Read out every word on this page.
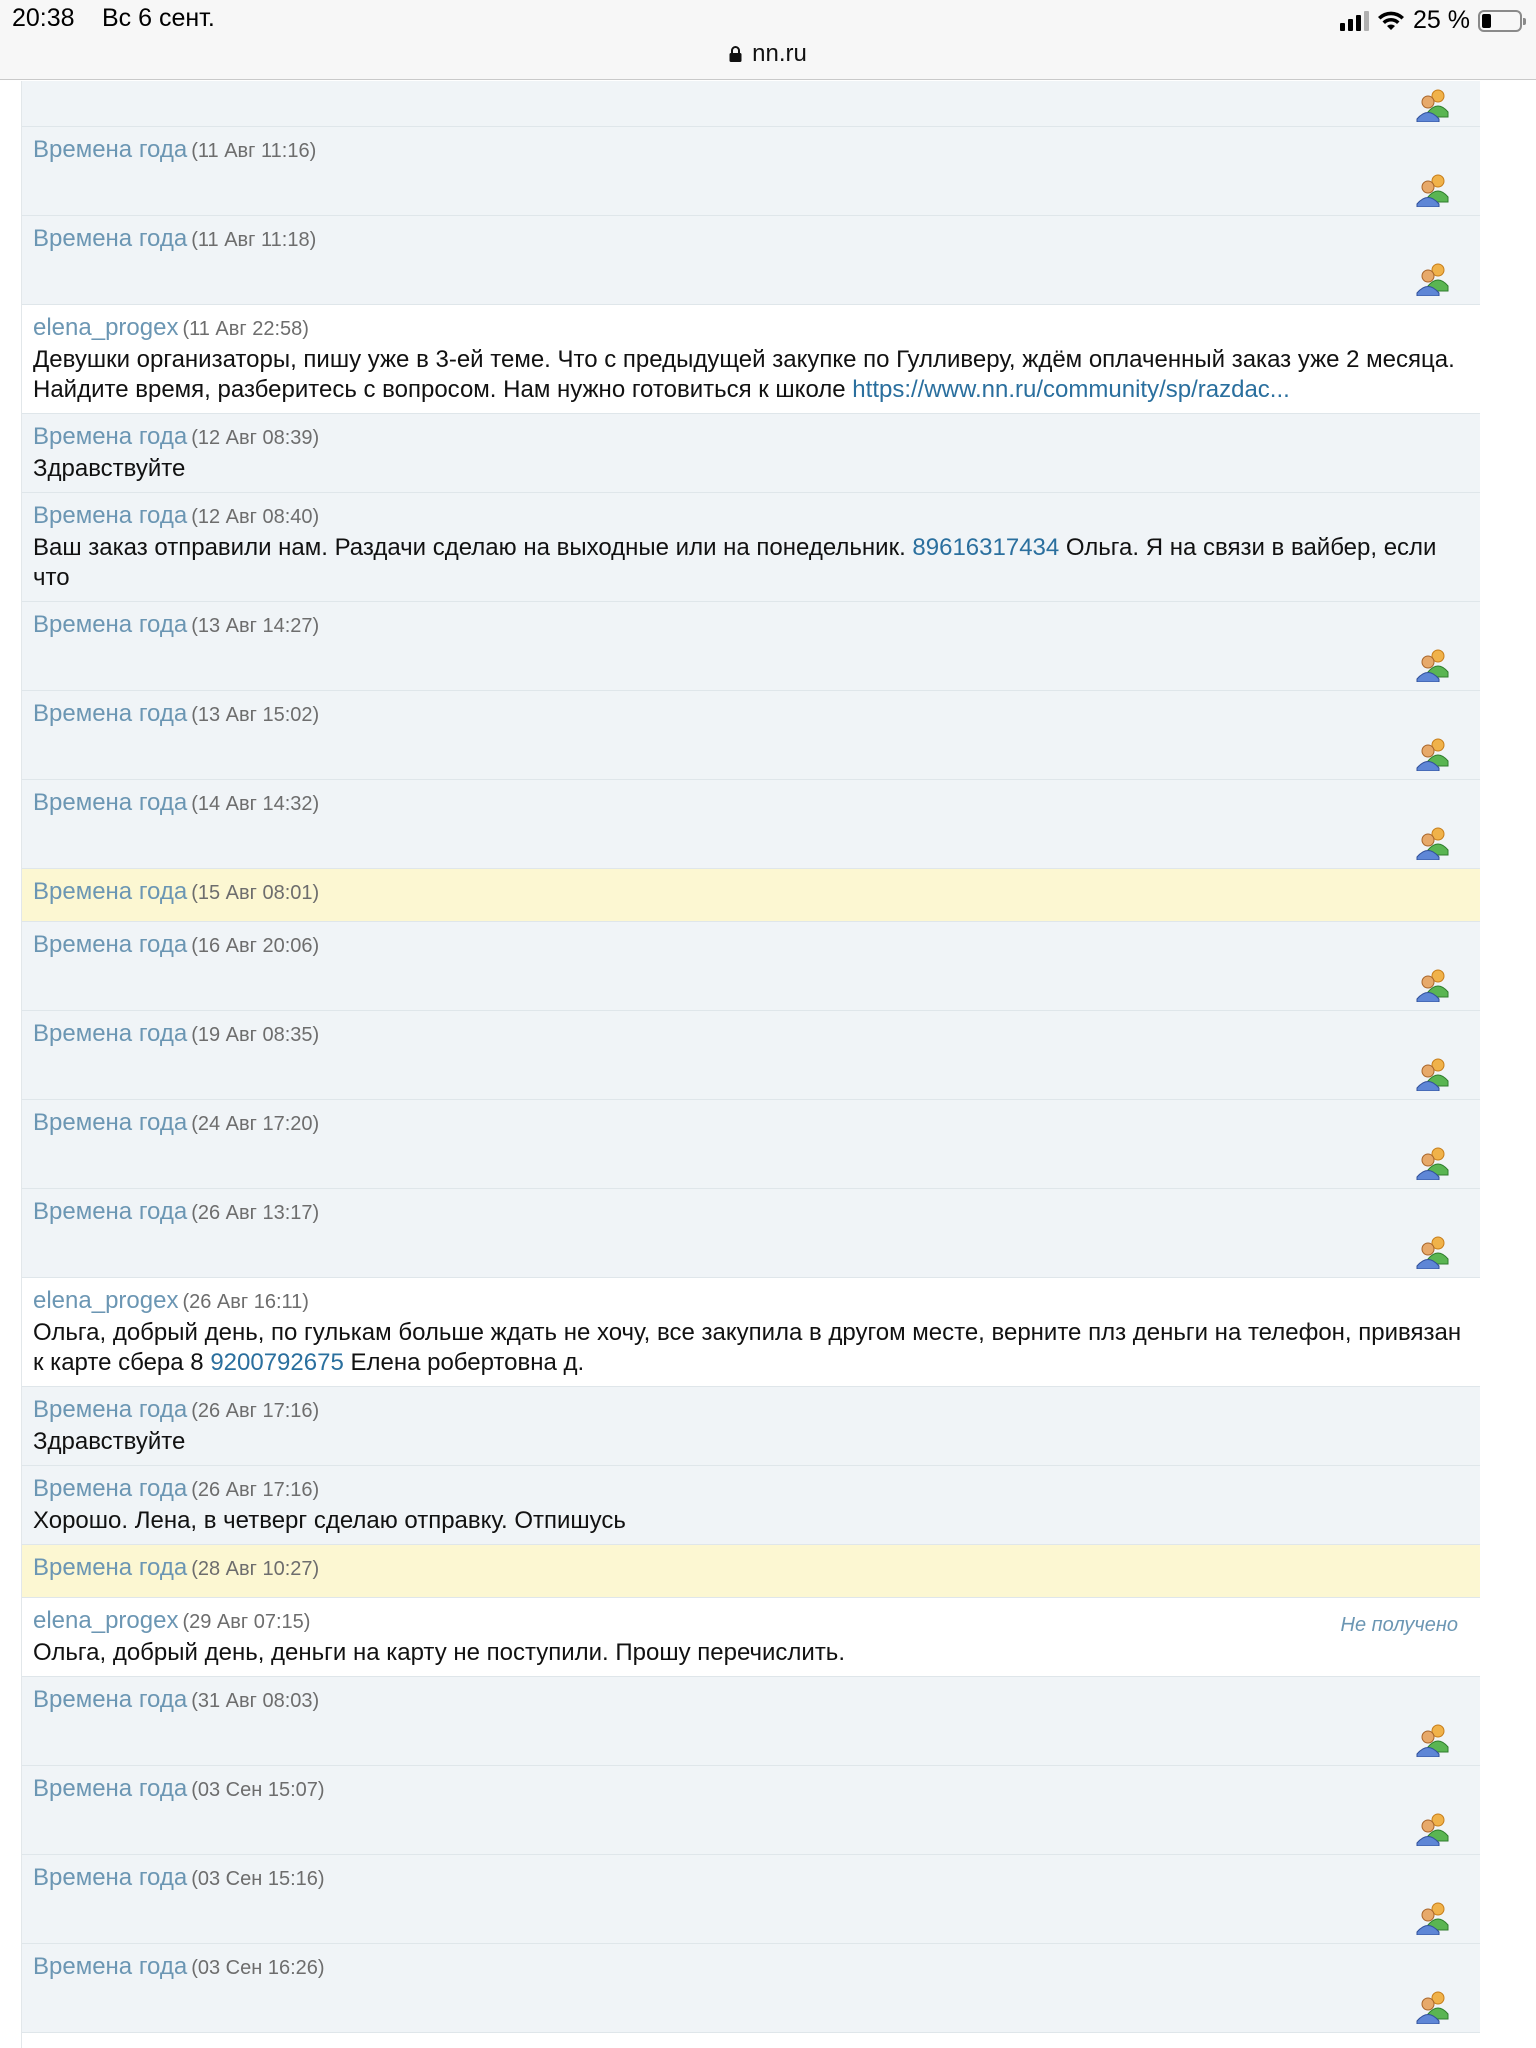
20:38 Вс 6 сент.	25 %
nn.ru
Времена года (11 Авг 11:16)
Времена года (11 Авг 11:18)
elena_progex (11 Авг 22:58)
Девушки организаторы, пишу уже в 3-ей теме. Что с предыдущей закупке по Гулливеру, ждём оплаченный заказ уже 2 месяца. Найдите время, разберитесь с вопросом. Нам нужно готовиться к школе https://www.nn.ru/community/sp/razdac...
Времена года (12 Авг 08:39)
Здравствуйте
Времена года (12 Авг 08:40)
Ваш заказ отправили нам. Раздачи сделаю на выходные или на понедельник. 89616317434 Ольга. Я на связи в вайбер, если что
Времена года (13 Авг 14:27)
Времена года (13 Авг 15:02)
Времена года (14 Авг 14:32)
Времена года (15 Авг 08:01)
Времена года (16 Авг 20:06)
Времена года (19 Авг 08:35)
Времена года (24 Авг 17:20)
Времена года (26 Авг 13:17)
elena_progex (26 Авг 16:11)
Ольга, добрый день, по гулькам больше ждать не хочу, все закупила в другом месте, верните плз деньги на телефон, привязан к карте сбера 8 9200792675 Елена робертовна д.
Времена года (26 Авг 17:16)
Здравствуйте
Времена года (26 Авг 17:16)
Хорошо. Лена, в четверг сделаю отправку. Отпишусь
Времена года (28 Авг 10:27)
elena_progex (29 Авг 07:15)	Не получено
Ольга, добрый день, деньги на карту не поступили. Прошу перечислить.
Времена года (31 Авг 08:03)
Времена года (03 Сен 15:07)
Времена года (03 Сен 15:16)
Времена года (03 Сен 16:26)
